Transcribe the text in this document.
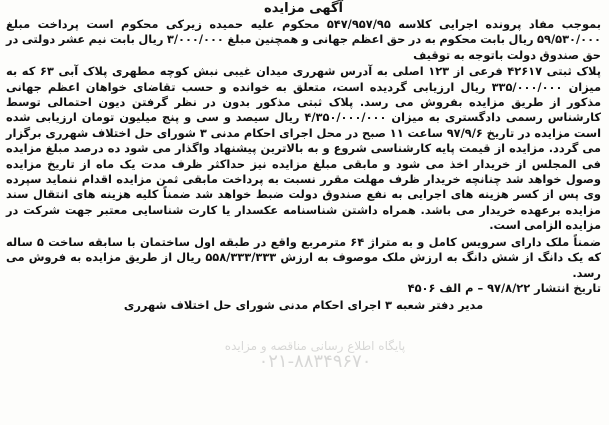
آگهی مزایده

بموجب مفاد پرونده اجرایی کلاسه ۵۴۷/۹۵۷/۹۵ محکوم علیه حمیده زیرکی محکوم است پرداخت مبلغ ۵۹/۵۳۰/۰۰۰ ریال بابت محکوم به در حق اعظم جهانی و همچنین مبلغ ۳/۰۰۰/۰۰۰ ریال بابت نیم عشر دولتی در حق صندوق دولت باتوجه به توقیف

پلاک ثبتی ۴۲۶۱۷ فرعی از ۱۲۳ اصلی به آدرس شهرری میدان غیبی نبش کوچه مطهری پلاک آبی ۶۳ که به میزان ۳۳۵/۰۰۰/۰۰۰ ریال ارزیابی گردیده است، متعلق به خوانده و حسب تقاضای خواهان اعظم جهانی مذکور از طریق مزایده بفروش می رسد. پلاک ثبتی مذکور بدون در نظر گرفتن دیون احتمالی توسط کارشناس رسمی دادگستری به میزان ۴/۳۵۰/۰۰۰/۰۰۰ ریال سیصد و سی و پنج میلیون تومان ارزیابی شده است مزایده در تاریخ ۹۷/۹/۶ ساعت ۱۱ صبح در محل اجرای احکام مدنی ۳ شورای حل اختلاف شهرری برگزار می گردد. مزایده از قیمت پایه کارشناسی شروع و به بالاترین پیشنهاد واگذار می شود ده درصد مبلغ مزایده فی المجلس از خریدار اخذ می شود و مابقی مبلغ مزایده نیز حداکثر ظرف مدت یک ماه از تاریخ مزایده وصول خواهد شد چنانچه خریدار ظرف مهلت مقرر نسبت به پرداخت مابقی ثمن مزایده اقدام ننماید سپرده وی پس از کسر هزینه های اجرایی به نفع صندوق دولت ضبط خواهد شد ضمناً کلیه هزینه های انتقال سند مزایده برعهده خریدار می باشد. همراه داشتن شناسنامه عکسدار یا کارت شناسایی معتبر جهت شرکت در مزایده الزامی است.

ضمناً ملک دارای سرویس کامل و به متراژ ۶۴ مترمربع واقع در طبقه اول ساختمان با سابقه ساخت ۵ ساله که یک دانگ از شش دانگ به ارزش ملک موصوف به ارزش ۵۵۸/۳۳۳/۳۳۳ ریال از طریق مزایده به فروش می رسد.

تاریخ انتشار ۹۷/۸/۲۲ – م الف ۴۵۰۶

مدیر دفتر شعبه ۳ اجرای احکام مدنی شورای حل اختلاف شهرری

پایگاه اطلاع رسانی مناقصه و مزایده
۰۲۱-۸۸۳۴۹۶۷۰
